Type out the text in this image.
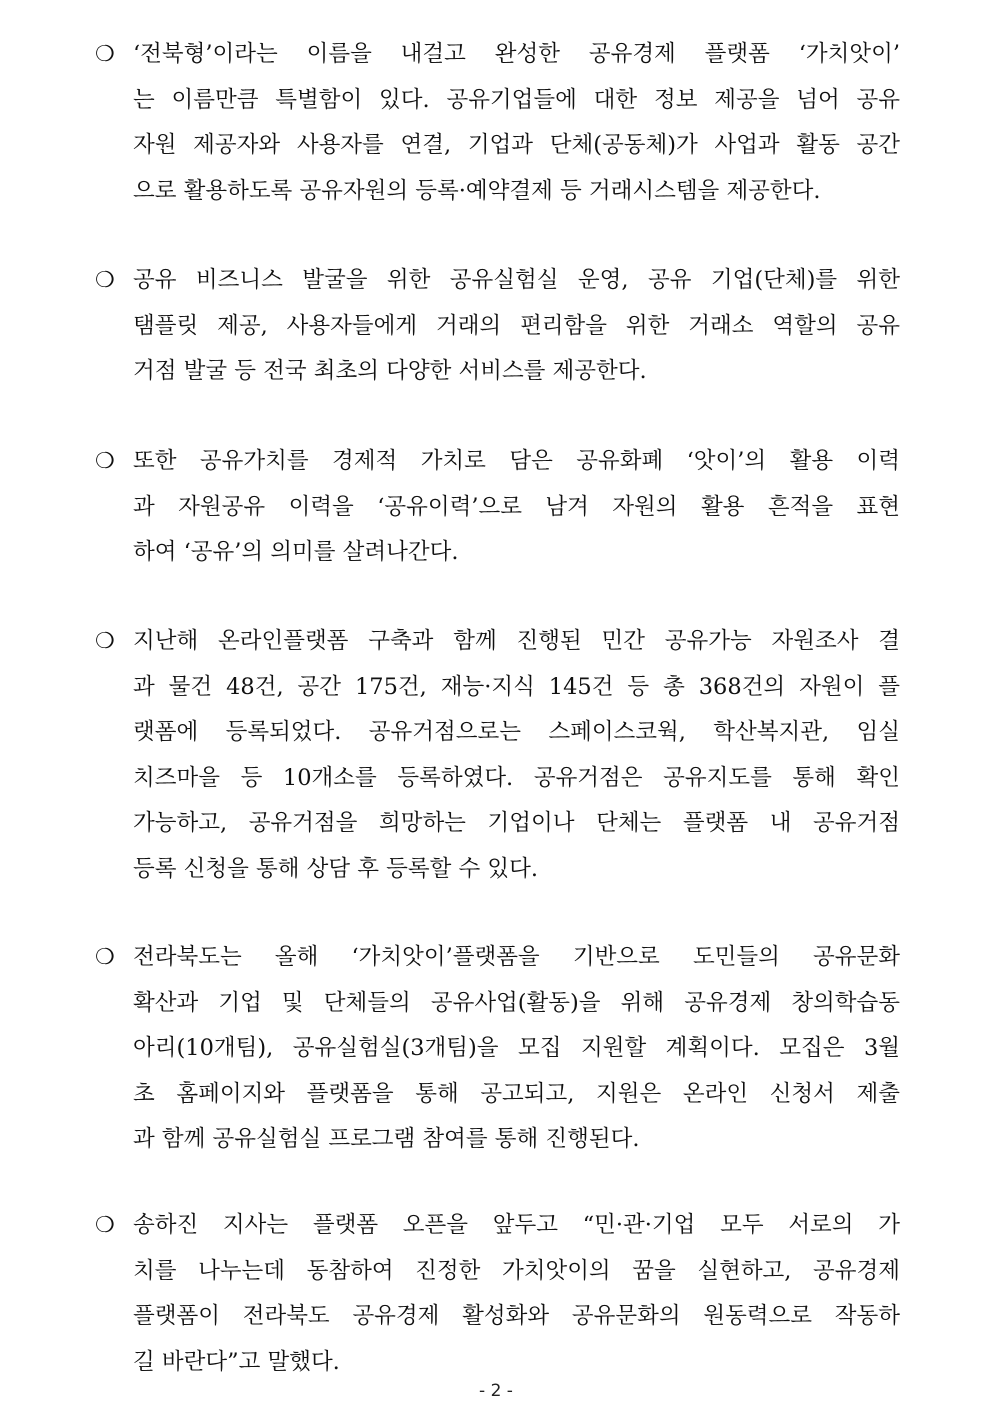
❍ ‘전북형’이라는 이름을 내걸고 완성한 공유경제 플랫폼 ‘가치앗이’
는 이름만큼 특별함이 있다. 공유기업들에 대한 정보 제공을 넘어 공유
자원 제공자와 사용자를 연결, 기업과 단체(공동체)가 사업과 활동 공간
으로 활용하도록 공유자원의 등록·예약결제 등 거래시스템을 제공한다.
❍ 공유 비즈니스 발굴을 위한 공유실험실 운영, 공유 기업(단체)를 위한
탬플릿 제공, 사용자들에게 거래의 편리함을 위한 거래소 역할의 공유
거점 발굴 등 전국 최초의 다양한 서비스를 제공한다.
❍ 또한 공유가치를 경제적 가치로 담은 공유화폐 ‘앗이’의 활용 이력
과 자원공유 이력을 ‘공유이력’으로 남겨 자원의 활용 흔적을 표현
하여 ‘공유’의 의미를 살려나간다.
❍ 지난해 온라인플랫폼 구축과 함께 진행된 민간 공유가능 자원조사 결
과 물건 48건, 공간 175건, 재능·지식 145건 등 총 368건의 자원이 플
랫폼에 등록되었다. 공유거점으로는 스페이스코웍, 학산복지관, 임실
치즈마을 등 10개소를 등록하였다. 공유거점은 공유지도를 통해 확인
가능하고, 공유거점을 희망하는 기업이나 단체는 플랫폼 내 공유거점
등록 신청을 통해 상담 후 등록할 수 있다.
❍ 전라북도는 올해 ‘가치앗이’플랫폼을 기반으로 도민들의 공유문화
확산과 기업 및 단체들의 공유사업(활동)을 위해 공유경제 창의학습동
아리(10개팀), 공유실험실(3개팀)을 모집 지원할 계획이다. 모집은 3월
초 홈페이지와 플랫폼을 통해 공고되고, 지원은 온라인 신청서 제출
과 함께 공유실험실 프로그램 참여를 통해 진행된다.
❍ 송하진 지사는 플랫폼 오픈을 앞두고 “민·관·기업 모두 서로의 가
치를 나누는데 동참하여 진정한 가치앗이의 꿈을 실현하고, 공유경제
플랫폼이 전라북도 공유경제 활성화와 공유문화의 원동력으로 작동하
길 바란다”고 말했다.
- 2 -
